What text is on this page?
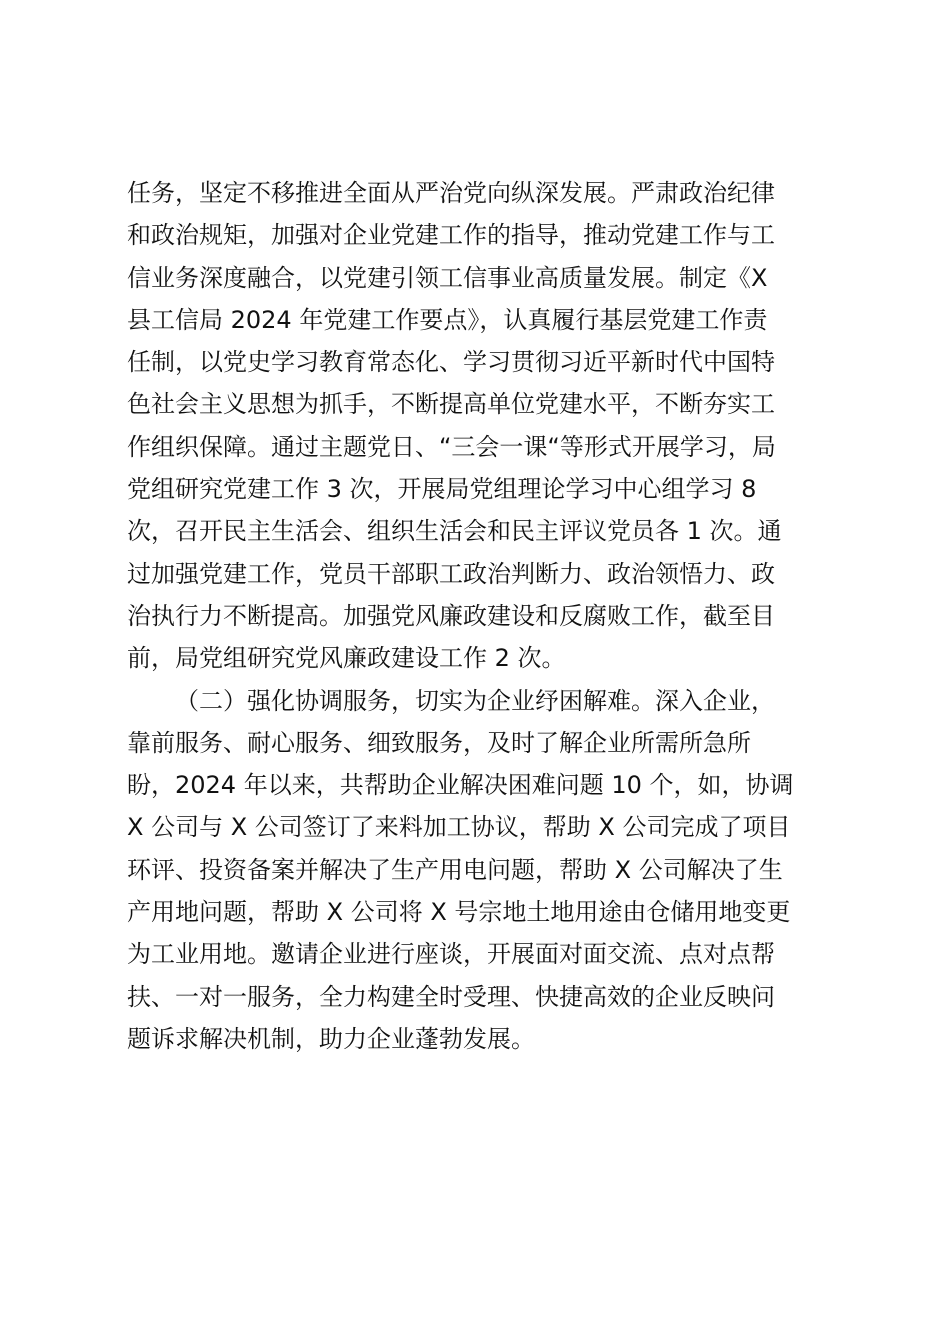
任务，坚定不移推进全面从严治党向纵深发展。严肃政治纪律
和政治规矩，加强对企业党建工作的指导，推动党建工作与工
信业务深度融合，以党建引领工信事业高质量发展。制定《X
县工信局 2024 年党建工作要点》，认真履行基层党建工作责
任制，以党史学习教育常态化、学习贯彻习近平新时代中国特
色社会主义思想为抓手，不断提高单位党建水平，不断夯实工
作组织保障。通过主题党日、“三会一课“等形式开展学习，局
党组研究党建工作 3 次，开展局党组理论学习中心组学习 8
次，召开民主生活会、组织生活会和民主评议党员各 1 次。通
过加强党建工作，党员干部职工政治判断力、政治领悟力、政
治执行力不断提高。加强党风廉政建设和反腐败工作，截至目
前，局党组研究党风廉政建设工作 2 次。
（二）强化协调服务，切实为企业纾困解难。深入企业，
靠前服务、耐心服务、细致服务，及时了解企业所需所急所
盼，2024 年以来，共帮助企业解决困难问题 10 个，如，协调
X 公司与 X 公司签订了来料加工协议，帮助 X 公司完成了项目
环评、投资备案并解决了生产用电问题，帮助 X 公司解决了生
产用地问题，帮助 X 公司将 X 号宗地土地用途由仓储用地变更
为工业用地。邀请企业进行座谈，开展面对面交流、点对点帮
扶、一对一服务，全力构建全时受理、快捷高效的企业反映问
题诉求解决机制，助力企业蓬勃发展。
